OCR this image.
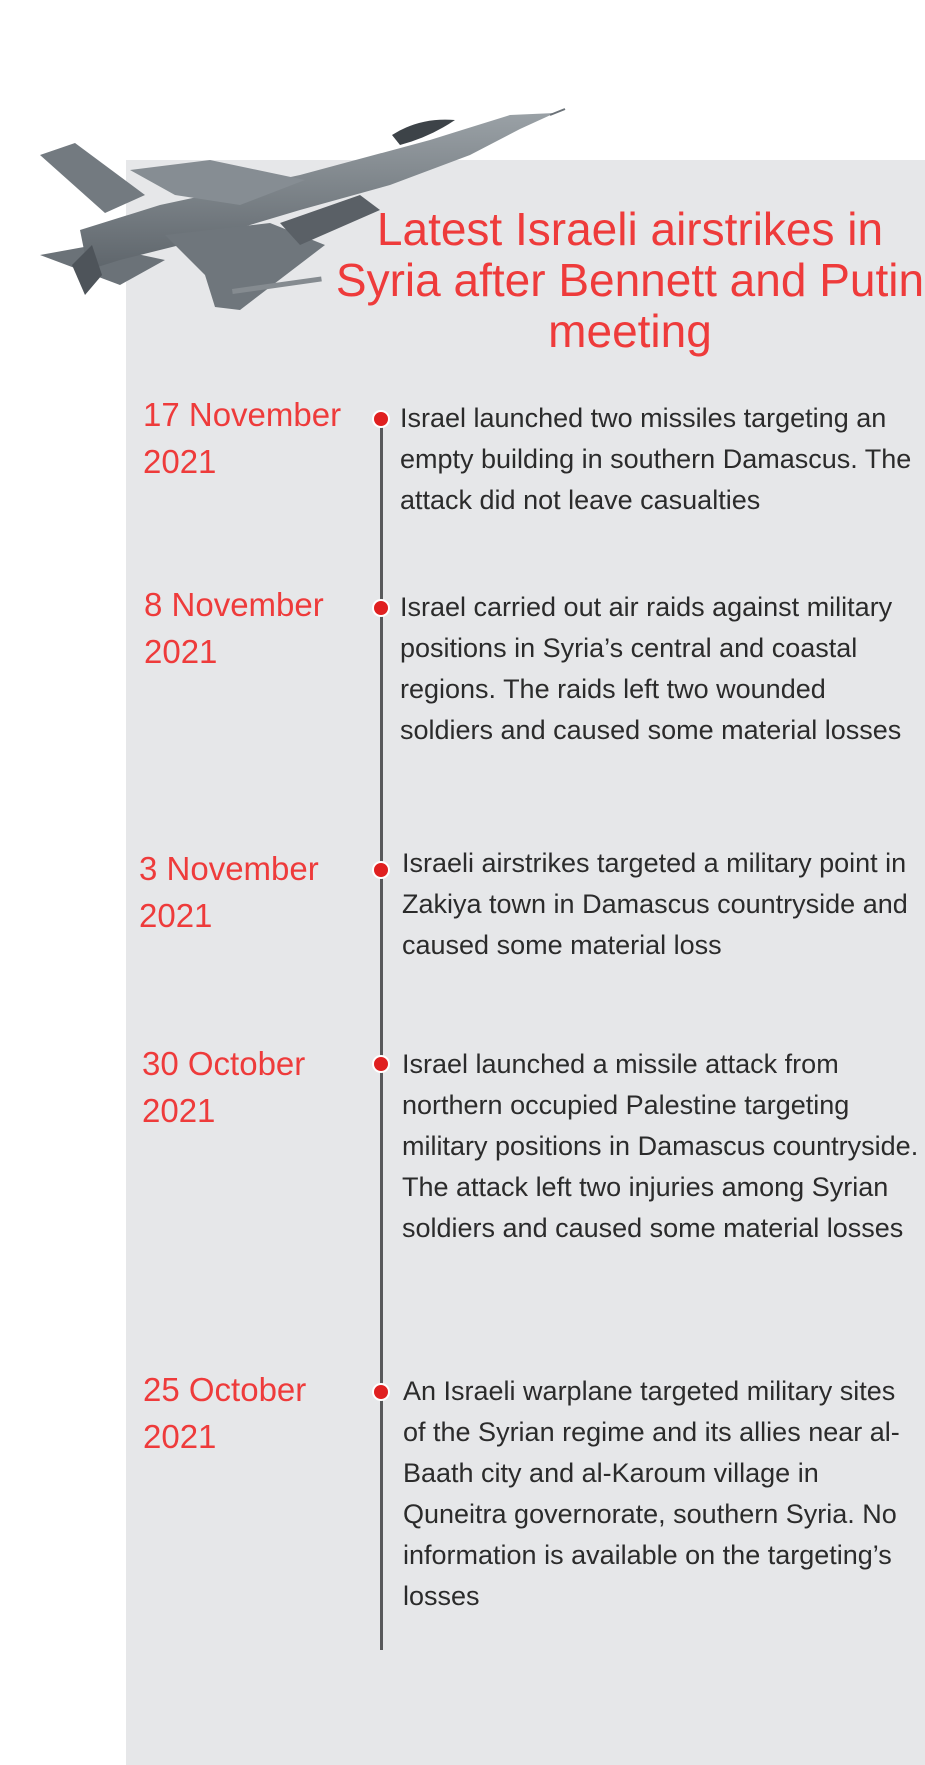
Latest Israeli airstrikes in Syria after Bennett and Putin meeting
17 November
2021
Israel launched two missiles targeting an empty building in southern Damascus. The attack did not leave casualties
8 November
2021
Israel carried out air raids against military positions in Syria’s central and coastal regions. The raids left two wounded soldiers and caused some material losses
3 November
2021
Israeli airstrikes targeted a military point in Zakiya town in Damascus countryside and caused some material loss
30 October
2021
Israel launched a missile attack from northern occupied Palestine targeting military positions in Damascus countryside. The attack left two injuries among Syrian soldiers and caused some material losses
25 October
2021
An Israeli warplane targeted military sites of the Syrian regime and its allies near al-Baath city and al-Karoum village in Quneitra governorate, southern Syria. No information is available on the targeting’s losses
